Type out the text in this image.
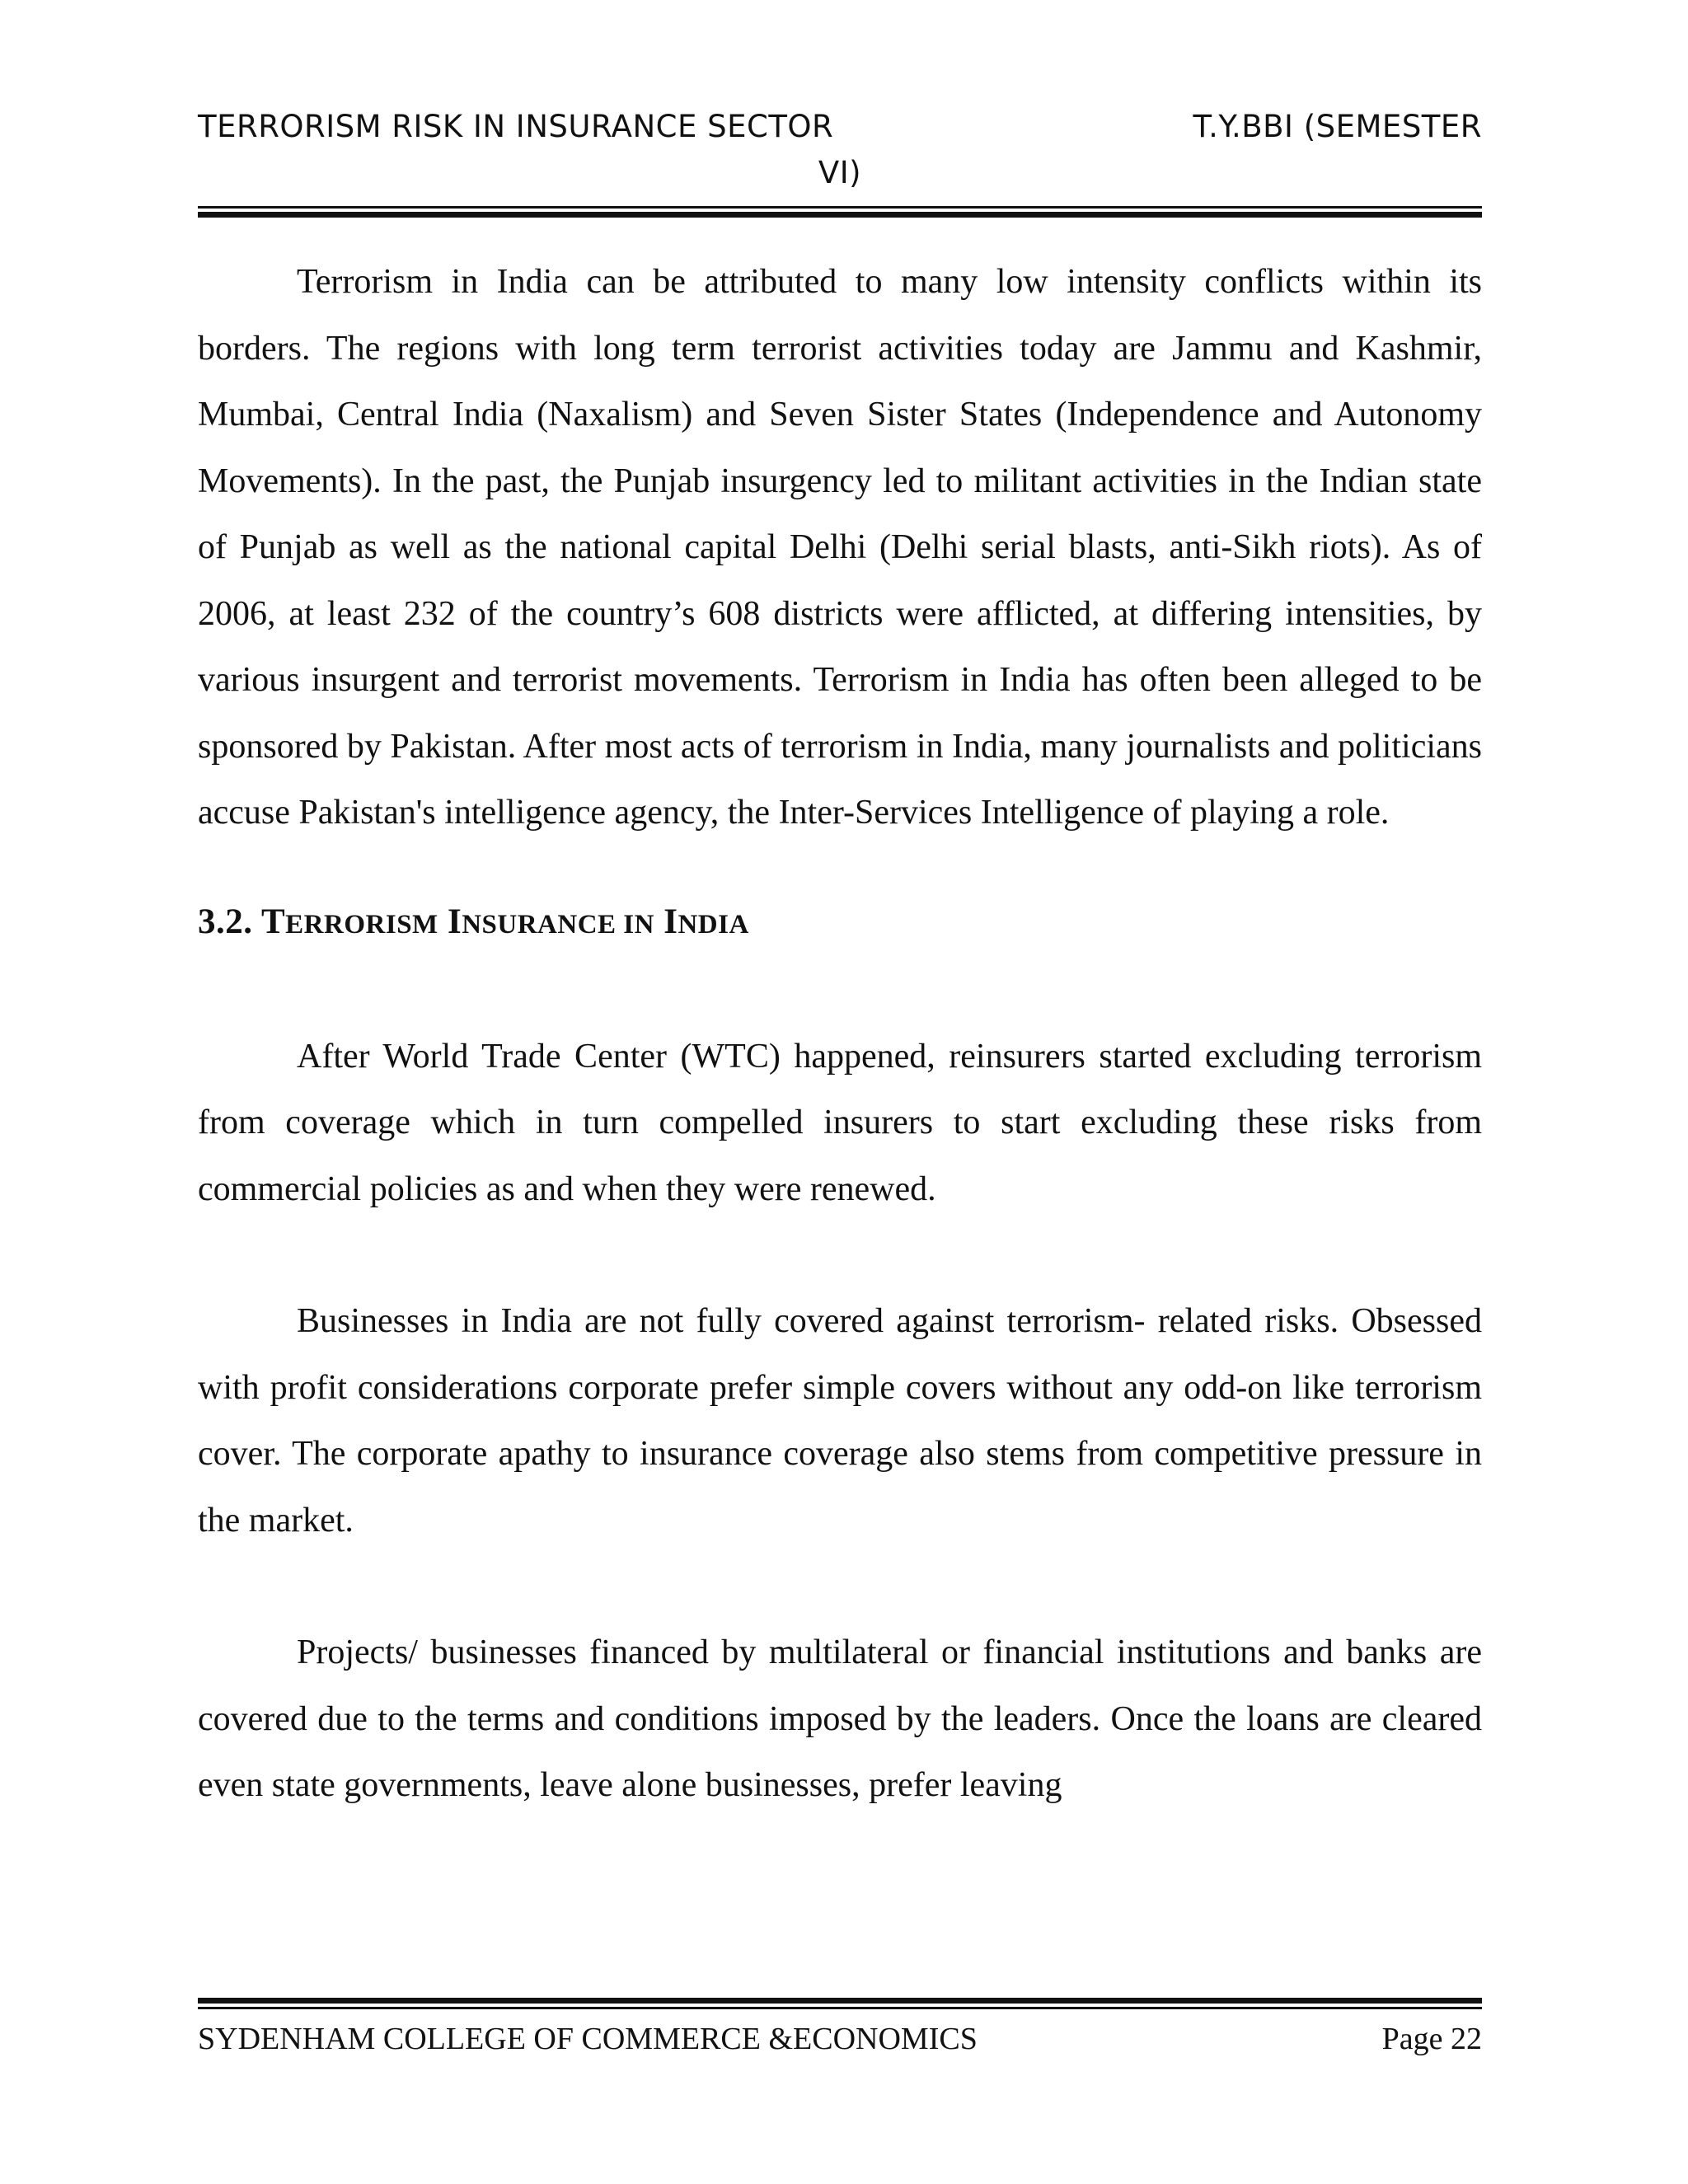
TERRORISM RISK IN INSURANCE SECTOR	T.Y.BBI (SEMESTER
VI)

Terrorism in India can be attributed to many low intensity conflicts within its borders. The regions with long term terrorist activities today are Jammu and Kashmir, Mumbai, Central India (Naxalism) and Seven Sister States (Independence and Autonomy Movements). In the past, the Punjab insurgency led to militant activities in the Indian state of Punjab as well as the national capital Delhi (Delhi serial blasts, anti-Sikh riots). As of 2006, at least 232 of the country’s 608 districts were afflicted, at differing intensities, by various insurgent and terrorist movements. Terrorism in India has often been alleged to be sponsored by Pakistan. After most acts of terrorism in India, many journalists and politicians accuse Pakistan's intelligence agency, the Inter-Services Intelligence of playing a role.

3.2. TERRORISM INSURANCE IN INDIA

After World Trade Center (WTC) happened, reinsurers started excluding terrorism from coverage which in turn compelled insurers to start excluding these risks from commercial policies as and when they were renewed.

Businesses in India are not fully covered against terrorism- related risks. Obsessed with profit considerations corporate prefer simple covers without any odd-on like terrorism cover. The corporate apathy to insurance coverage also stems from competitive pressure in the market.

Projects/ businesses financed by multilateral or financial institutions and banks are covered due to the terms and conditions imposed by the leaders. Once the loans are cleared even state governments, leave alone businesses, prefer leaving

SYDENHAM COLLEGE OF COMMERCE &ECONOMICS	Page 22
